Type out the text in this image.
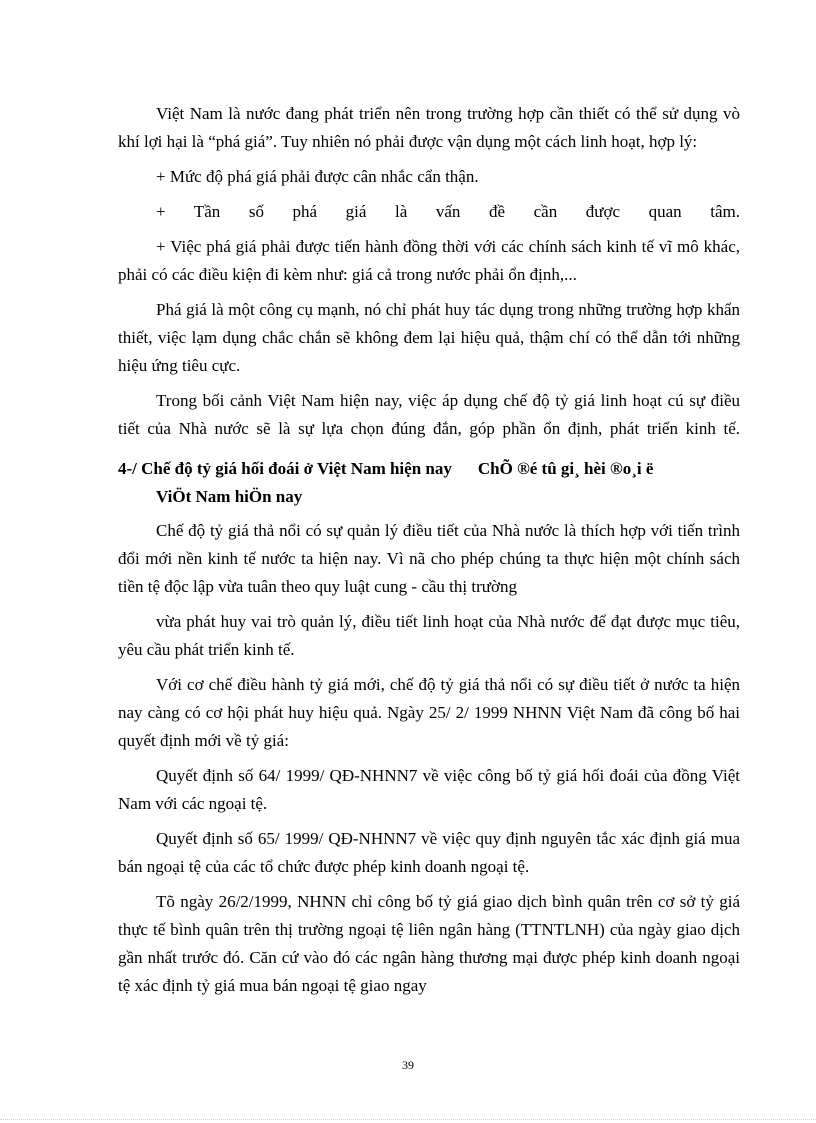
Việt Nam là nước đang phát triển nên trong trường hợp cần thiết có thể sử dụng vò khí lợi hại là “phá giá”. Tuy nhiên nó phải được vận dụng một cách linh hoạt, hợp lý:

+ Mức độ phá giá phải được cân nhắc cẩn thận.

+ Tần số phá giá là vấn đề cần được quan tâm.

+ Việc phá giá phải được tiến hành đồng thời với các chính sách kinh tế vĩ mô khác, phải có các điều kiện đi kèm như: giá cả trong nước phải ổn định,...

Phá giá là một công cụ mạnh, nó chỉ phát huy tác dụng trong những trường hợp khẩn thiết, việc lạm dụng chắc chắn sẽ không đem lại hiệu quả, thậm chí có thể dẫn tới những hiệu ứng tiêu cực.

Trong bối cảnh Việt Nam hiện nay, việc áp dụng chế độ tỷ giá linh hoạt cú sự điều tiết của Nhà nước sẽ là sự lựa chọn đúng đắn, góp phần ổn định, phát triển kinh tế.

4-/ Chế độ tỷ giá hối đoái ở Việt Nam hiện nay ChÕ ®é tû gi¸ hèi ®o¸i ë
ViÖt Nam hiÖn nay

Chế độ tỷ giá thả nổi có sự quản lý điều tiết của Nhà nước là thích hợp với tiến trình đổi mới nền kinh tế nước ta hiện nay. Vì nã cho phép chúng ta thực hiện một chính sách tiền tệ độc lập vừa tuân theo quy luật cung - cầu thị trường

vừa phát huy vai trò quản lý, điều tiết linh hoạt của Nhà nước để đạt được mục tiêu, yêu cầu phát triển kinh tế.

Với cơ chế điều hành tỷ giá mới, chế độ tỷ giá thả nổi có sự điều tiết ở nước ta hiện nay càng có cơ hội phát huy hiệu quả. Ngày 25/ 2/ 1999 NHNN Việt Nam đã công bố hai quyết định mới về tỷ giá:

Quyết định số 64/ 1999/ QĐ-NHNN7 về việc công bố tỷ giá hối đoái của đồng Việt Nam với các ngoại tệ.

Quyết định số 65/ 1999/ QĐ-NHNN7 về việc quy định nguyên tắc xác định giá mua bán ngoại tệ của các tổ chức được phép kinh doanh ngoại tệ.

Tõ ngày 26/2/1999, NHNN chỉ công bố tỷ giá giao dịch bình quân trên cơ sở tỷ giá thực tế bình quân trên thị trường ngoại tệ liên ngân hàng (TTNTLNH) của ngày giao dịch gần nhất trước đó. Căn cứ vào đó các ngân hàng thương mại được phép kinh doanh ngoại tệ xác định tỷ giá mua bán ngoại tệ giao ngay

39
